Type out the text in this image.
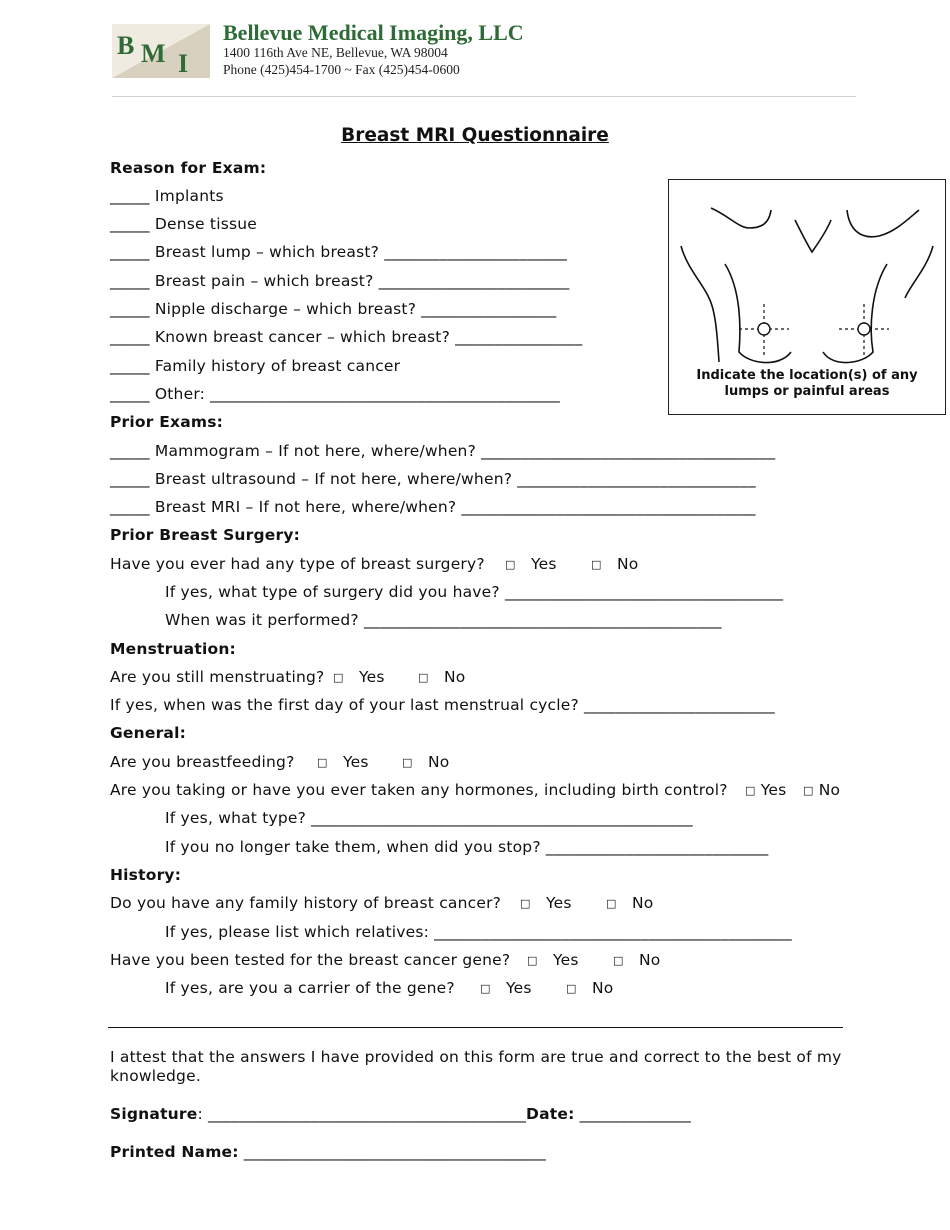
B M I
Bellevue Medical Imaging, LLC
1400 116th Ave NE, Bellevue, WA 98004
Phone (425)454-1700 ~ Fax (425)454-0600
Breast MRI Questionnaire
Indicate the location(s) of any
lumps or painful areas
Reason for Exam:
_____ Implants
_____ Dense tissue
_____ Breast lump – which breast? _______________________
_____ Breast pain – which breast? ________________________
_____ Nipple discharge – which breast? _________________
_____ Known breast cancer – which breast? ________________
_____ Family history of breast cancer
_____ Other: ____________________________________________
Prior Exams:
_____ Mammogram – If not here, where/when? _____________________________________
_____ Breast ultrasound – If not here, where/when? ______________________________
_____ Breast MRI – If not here, where/when? _____________________________________
Prior Breast Surgery:
Have you ever had any type of breast surgery? □ Yes	□ No
If yes, what type of surgery did you have? ___________________________________
When was it performed? _____________________________________________
Menstruation:
Are you still menstruating? □ Yes	□ No
If yes, when was the first day of your last menstrual cycle? ________________________
General:
Are you breastfeeding? □ Yes	□ No
Are you taking or have you ever taken any hormones, including birth control? □ Yes □ No
If yes, what type? ________________________________________________
If you no longer take them, when did you stop? ____________________________
History:
Do you have any family history of breast cancer? □ Yes	□ No
If yes, please list which relatives: _____________________________________________
Have you been tested for the breast cancer gene? □ Yes	□ No
If yes, are you a carrier of the gene? □ Yes	□ No
I attest that the answers I have provided on this form are true and correct to the best of my
knowledge.
Signature: ________________________________________Date: ______________
Printed Name: ______________________________________
